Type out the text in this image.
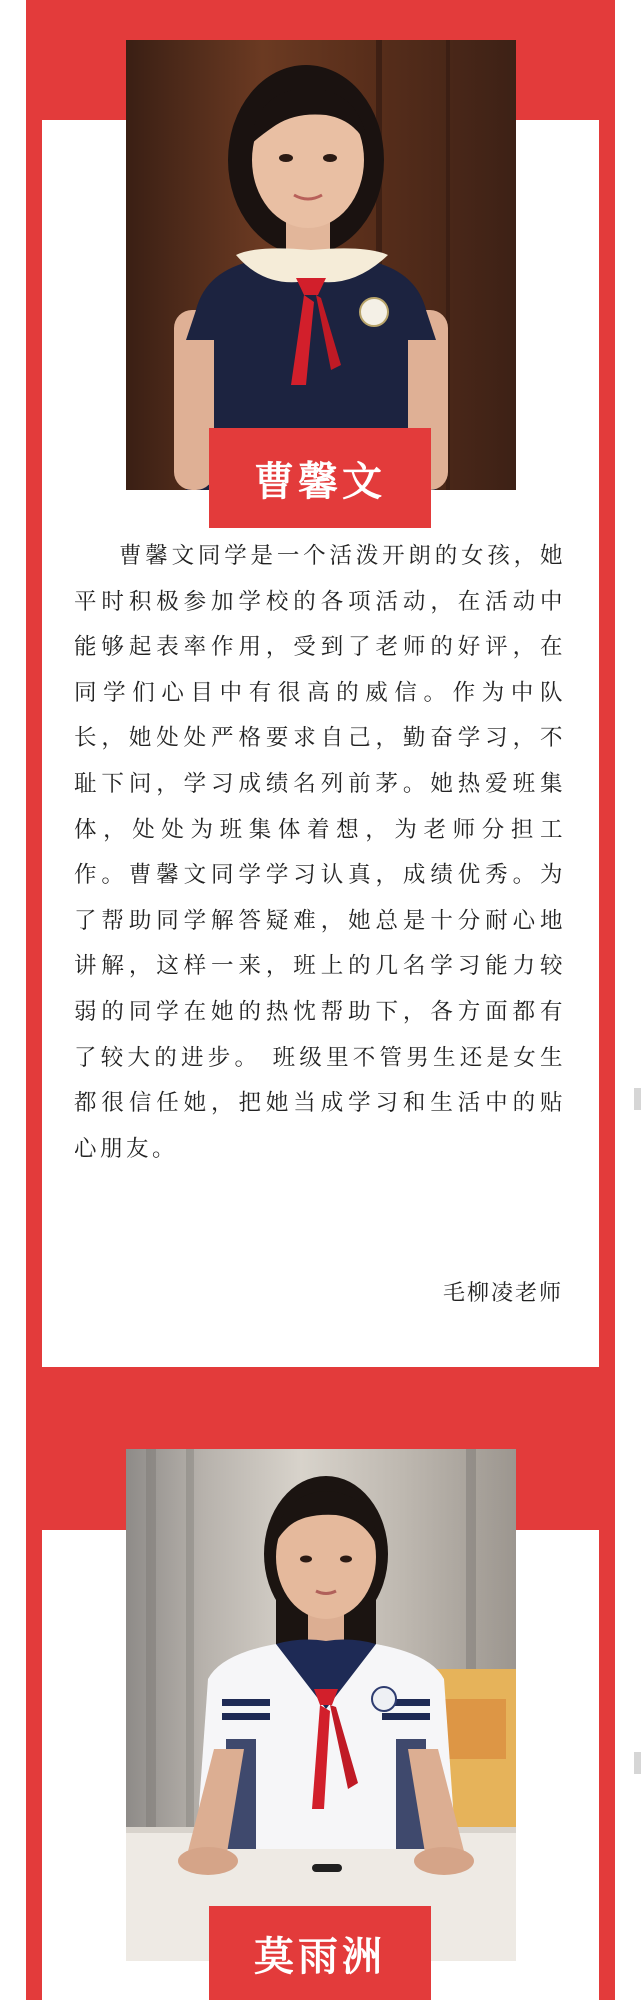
曹馨文

曹馨文同学是一个活泼开朗的女孩，她平时积极参加学校的各项活动，在活动中能够起表率作用，受到了老师的好评，在同学们心目中有很高的威信。作为中队长，她处处严格要求自己，勤奋学习，不耻下问，学习成绩名列前茅。她热爱班集体，处处为班集体着想，为老师分担工作。曹馨文同学学习认真，成绩优秀。为了帮助同学解答疑难，她总是十分耐心地讲解，这样一来，班上的几名学习能力较弱的同学在她的热忱帮助下，各方面都有了较大的进步。 班级里不管男生还是女生都很信任她，把她当成学习和生活中的贴心朋友。

毛柳凌老师
莫雨洲
